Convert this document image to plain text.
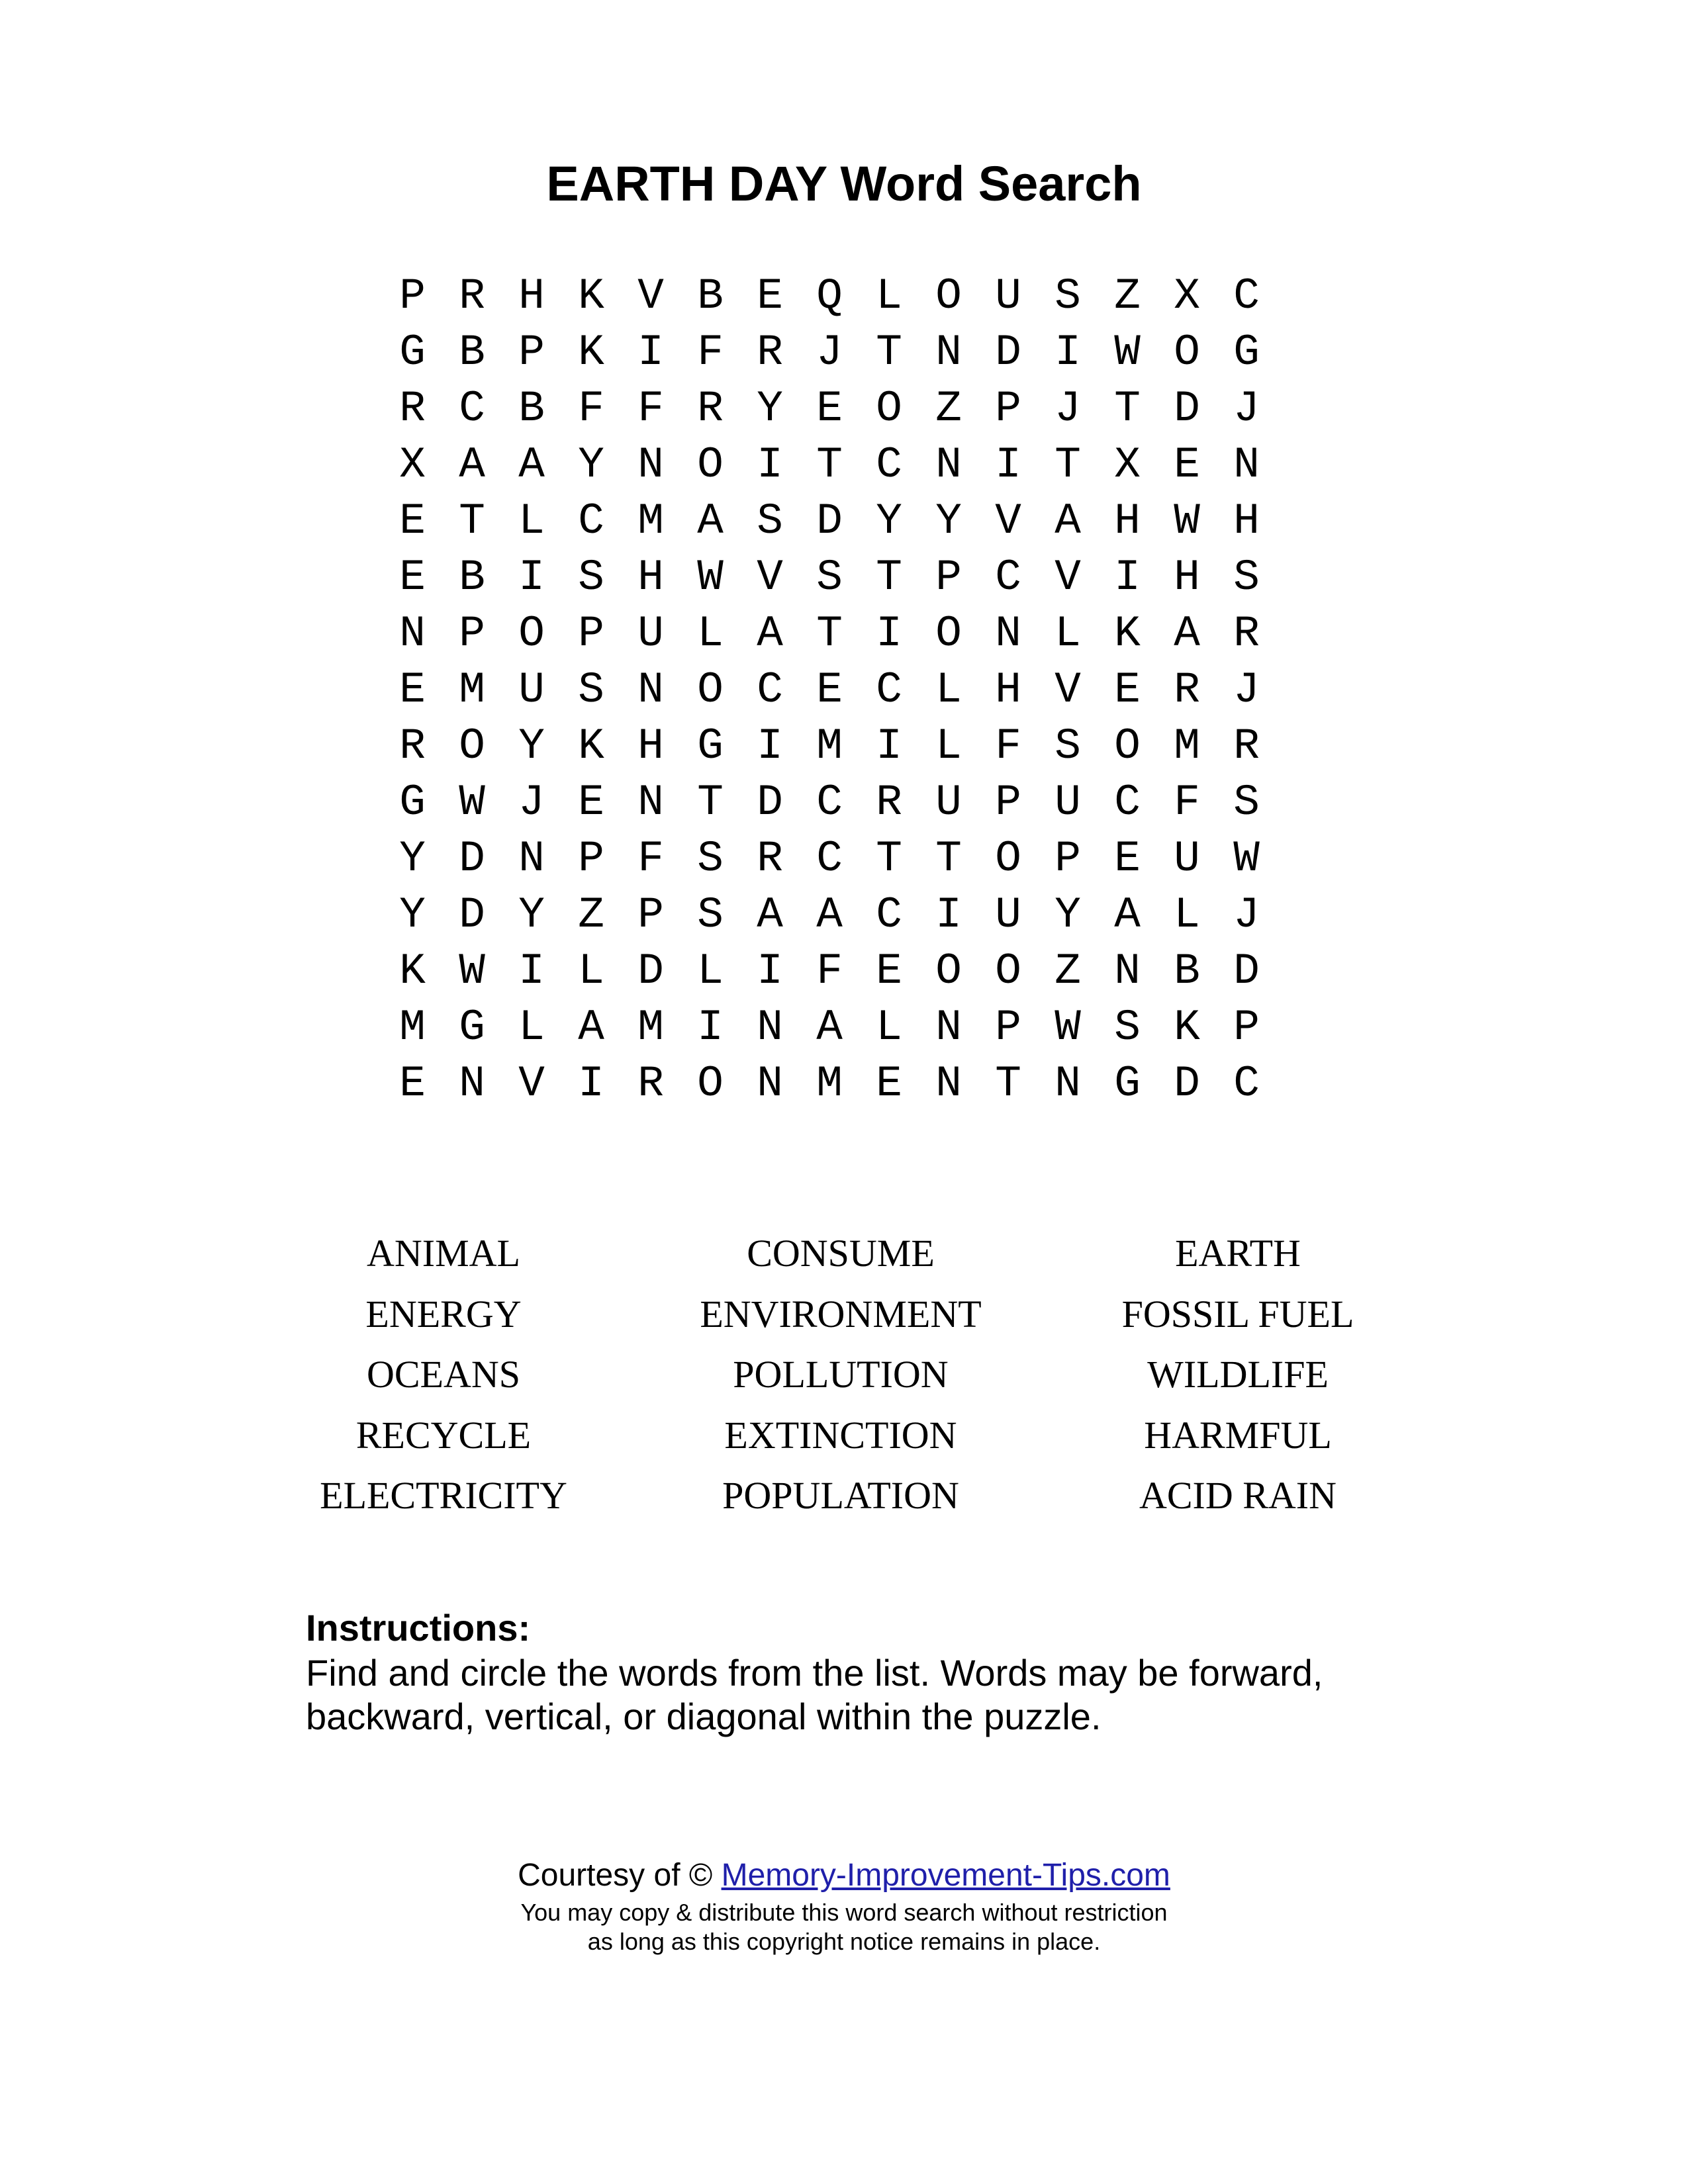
EARTH DAY Word Search
P R H K V B E Q L O U S Z X C
G B P K I F R J T N D I W O G
R C B F F R Y E O Z P J T D J
X A A Y N O I T C N I T X E N
E T L C M A S D Y Y V A H W H
E B I S H W V S T P C V I H S
N P O P U L A T I O N L K A R
E M U S N O C E C L H V E R J
R O Y K H G I M I L F S O M R
G W J E N T D C R U P U C F S
Y D N P F S R C T T O P E U W
Y D Y Z P S A A C I U Y A L J
K W I L D L I F E O O Z N B D
M G L A M I N A L N P W S K P
E N V I R O N M E N T N G D C
ANIMAL	CONSUME	EARTH
ENERGY	ENVIRONMENT	FOSSIL FUEL
OCEANS	POLLUTION	WILDLIFE
RECYCLE	EXTINCTION	HARMFUL
ELECTRICITY	POPULATION	ACID RAIN

Instructions:

Find and circle the words from the list. Words may be forward, backward, vertical, or diagonal within the puzzle.

Courtesy of © Memory-Improvement-Tips.com
You may copy & distribute this word search without restriction
as long as this copyright notice remains in place.
